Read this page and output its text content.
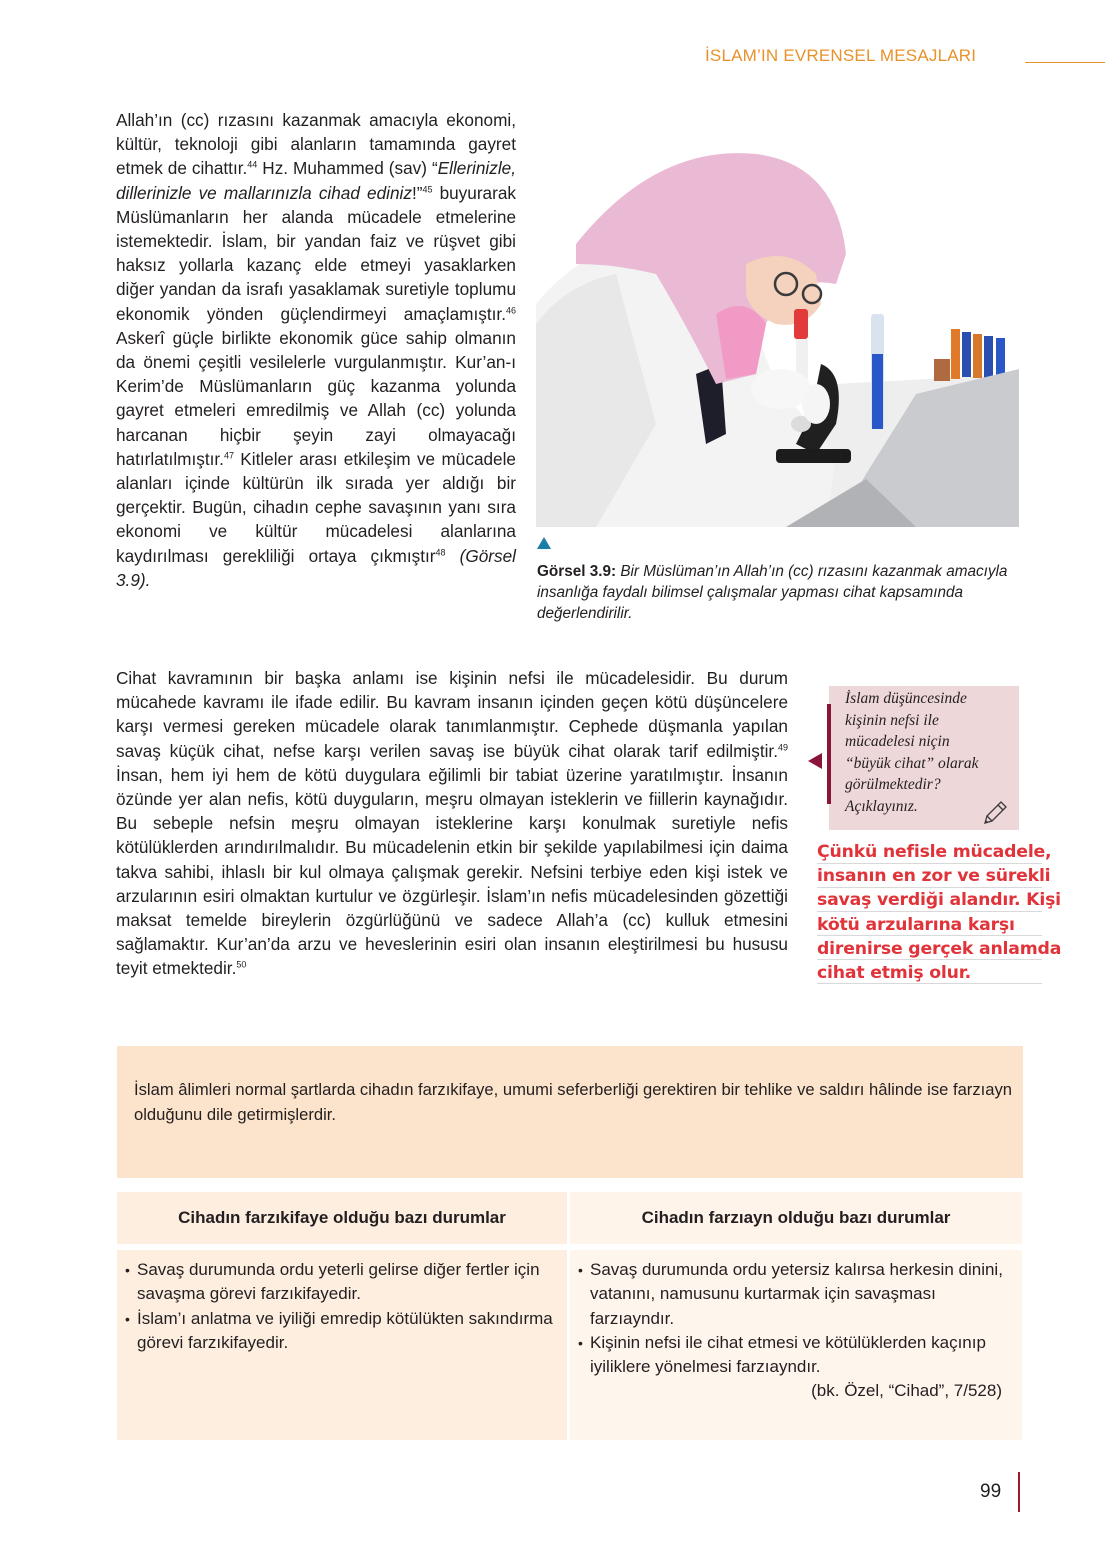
İSLAM’IN EVRENSEL MESAJLARI

Allah’ın (cc) rızasını kazanmak amacıyla ekonomi, kültür, teknoloji gibi alanların tamamında gayret etmek de cihattır.$^{44}$ Hz. Muhammed (sav) “Ellerinizle, dillerinizle ve mallarınızla cihad ediniz!”$^{45}$ buyurarak Müslümanların her alanda mücadele etmelerine istemektedir. İslam, bir yandan faiz ve rüşvet gibi haksız yollarla kazanç elde etmeyi yasaklarken diğer yandan da israfı yasaklamak suretiyle toplumu ekonomik yönden güçlendirmeyi amaçlamıştır.$^{46}$ Askerî güçle birlikte ekonomik güce sahip olmanın da önemi çeşitli vesilelerle vurgulanmıştır. Kur’an-ı Kerim’de Müslümanların güç kazanma yolunda gayret etmeleri emredilmiş ve Allah (cc) yolunda harcanan hiçbir şeyin zayi olmayacağı hatırlatılmıştır.$^{47}$ Kitleler arası etkileşim ve mücadele alanları içinde kültürün ilk sırada yer aldığı bir gerçektir. Bugün, cihadın cephe savaşının yanı sıra ekonomi ve kültür mücadelesi alanlarına kaydırılması gerekliliği ortaya çıkmıştır$^{48}$ (Görsel 3.9).	Görsel 3.9: Bir Müslüman’ın Allah’ın (cc) rızasını kazanmak amacıyla insanlığa faydalı bilimsel çalışmalar yapması cihat kapsamında değerlendirilir.

Cihat kavramının bir başka anlamı ise kişinin nefsi ile mücadelesidir. Bu durum mücahede kavramı ile ifade edilir. Bu kavram insanın içinden geçen kötü düşüncelere karşı vermesi gereken mücadele olarak tanımlanmıştır. Cephede düşmanla yapılan savaş küçük cihat, nefse karşı verilen savaş ise büyük cihat olarak tarif edilmiştir.$^{49}$ İnsan, hem iyi hem de kötü duygulara eğilimli bir tabiat üzerine yaratılmıştır. İnsanın özünde yer alan nefis, kötü duyguların, meşru olmayan isteklerin ve fiillerin kaynağıdır. Bu sebeple nefsin meşru olmayan isteklerine karşı konulmak suretiyle nefis kötülüklerden arındırılmalıdır. Bu mücadelenin etkin bir şekilde yapılabilmesi için daima takva sahibi, ihlaslı bir kul olmaya çalışmak gerekir. Nefsini terbiye eden kişi istek ve arzularının esiri olmaktan kurtulur ve özgürleşir. İslam’ın nefis mücadelesinden gözettiği maksat temelde bireylerin özgürlüğünü ve sadece Allah’a (cc) kulluk etmesini sağlamaktır. Kur’an’da arzu ve heveslerinin esiri olan insanın eleştirilmesi bu hususu teyit etmektedir.$^{50}$

İslam düşüncesinde
kişinin nefsi ile
mücadelesi niçin
“büyük cihat” olarak
görülmektedir?
Açıklayınız.
Çünkü nefisle mücadele,
insanın en zor ve sürekli
savaş verdiği alandır. Kişi
kötü arzularına karşı
direnirse gerçek anlamda
cihat etmiş olur.
İslam âlimleri normal şartlarda cihadın farzıkifaye, umumi seferberliği gerektiren bir tehlike ve saldırı hâlinde ise farzıayn olduğunu dile getirmişlerdir.
Cihadın farzıkifaye olduğu bazı durumlar	Cihadın farzıayn olduğu bazı durumlar
• Savaş durumunda ordu yeterli gelirse diğer fertler için savaşma görevi farzıkifayedir.
• İslam’ı anlatma ve iyiliği emredip kötülükten sakındırma görevi farzıkifayedir.
• Savaş durumunda ordu yetersiz kalırsa herkesin dinini, vatanını, namusunu kurtarmak için savaşması farzıayndır.
• Kişinin nefsi ile cihat etmesi ve kötülüklerden kaçınıp iyiliklere yönelmesi farzıayndır.
(bk. Özel, “Cihad”, 7/528)
99
